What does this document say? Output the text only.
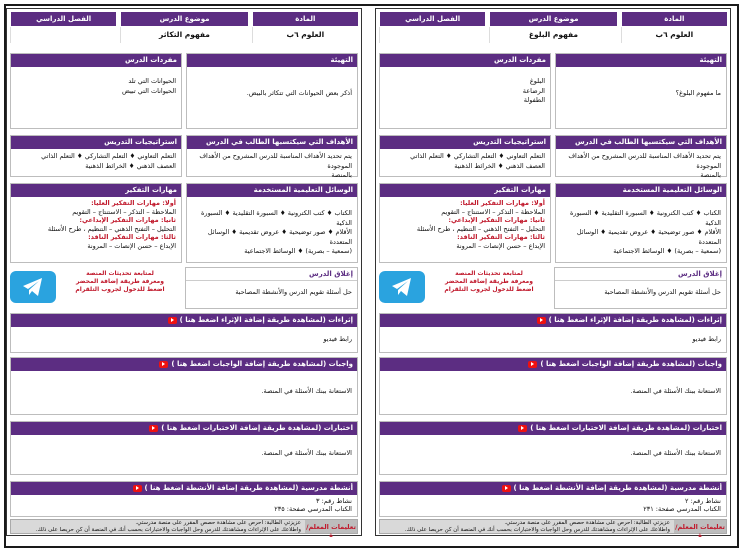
المادة
موضوع الدرس
الفصل الدراسي
العلوم ٦ب
مفهوم التكاثر
التهيئة
أذكر بعض الحيوانات التي تتكاثر بالبيض.
مفردات الدرس
الحيوانات التي تلد
الحيوانات التي تبيض
الأهداف التي سيكتسبها الطالب في الدرس
يتم تحديد الأهداف المناسبة للدرس المشروح من الأهداف الموجودة
بالمنصة
استراتيجيات التدريس
التعلم التعاوني ♦ التعلم التشاركي ♦ التعلم الذاتي
العصف الذهني ♦ الخرائط الذهنية
الوسائل التعليمية المستخدمة
الكتاب ♦ كتب الكترونية ♦ السبورة التقليدية ♦ السبورة الذكية
الأقلام ♦ صور توضيحية ♦ عروض تقديمية ♦ الوسائل المتعددة
(سمعية – بصرية) ♦ الوسائط الاجتماعية
مهارات التفكير
أولا: مهارات التفكير العليا:
الملاحظة – التذكر – الاستنتاج – التقويم
ثانيا: مهارات التفكير الإبداعي:
التحليل – التفتح الذهني – التنظيم ، طرح الأسئلة
ثالثا: مهارات التفكير الناقد:
الإبداع – حسن الإنصات – المرونة
إغلاق الدرس
حل أسئلة تقويم الدرس والأنشطة المصاحبة
لمتابعة تحديثات المنصة
ومعرفة طريقة إضافة المحضر
اضغط للدخول لجروب التلقرام
إثراءات (لمشاهدة طريقة إضافة الإثراء اضغط هنا )
رابط فيديو
واجبات (لمشاهدة طريقة إضافة الواجبات اضغط هنا )
الاستعانة ببنك الأسئلة في المنصة.
اختبارات (لمشاهدة طريقة إضافة الاختبارات اضغط هنا )
الاستعانة ببنك الأسئلة في المنصة.
أنشطة مدرسية (لمشاهدة طريقة إضافة الأنشطة اضغط هنا )
نشاط رقم: ٣
الكتاب المدرسي صفحة: ٢٣٥
تعليمات المعلم/ة
عزيزتي الطالبة: احرص على مشاهدة حصص المقرر على منصة مدرستي.
واطلاعك على الإثراءات ومشاهدتك للدرس وحل الواجبات والاختبارات بحسب أنك في المنصة أن كن حريصا على ذلك.
المادة
موضوع الدرس
الفصل الدراسي
العلوم ٦ب
مفهوم البلوغ
التهيئة
ما مفهوم البلوغ؟
مفردات الدرس
البلوغ
الرضاعة
الطفولة
الأهداف التي سيكتسبها الطالب في الدرس
يتم تحديد الأهداف المناسبة للدرس المشروح من الأهداف الموجودة
بالمنصة
استراتيجيات التدريس
التعلم التعاوني ♦ التعلم التشاركي ♦ التعلم الذاتي
العصف الذهني ♦ الخرائط الذهنية
الوسائل التعليمية المستخدمة
الكتاب ♦ كتب الكترونية ♦ السبورة التقليدية ♦ السبورة الذكية
الأقلام ♦ صور توضيحية ♦ عروض تقديمية ♦ الوسائل المتعددة
(سمعية – بصرية) ♦ الوسائط الاجتماعية
مهارات التفكير
أولا: مهارات التفكير العليا:
الملاحظة – التذكر – الاستنتاج – التقويم
ثانيا: مهارات التفكير الإبداعي:
التحليل – التفتح الذهني – التنظيم ، طرح الأسئلة
ثالثا: مهارات التفكير الناقد:
الإبداع – حسن الإنصات – المرونة
إغلاق الدرس
حل أسئلة تقويم الدرس والأنشطة المصاحبة
لمتابعة تحديثات المنصة
ومعرفة طريقة إضافة المحضر
اضغط للدخول لجروب التلقرام
إثراءات (لمشاهدة طريقة إضافة الإثراء اضغط هنا )
رابط فيديو
واجبات (لمشاهدة طريقة إضافة الواجبات اضغط هنا )
الاستعانة ببنك الأسئلة في المنصة.
اختبارات (لمشاهدة طريقة إضافة الاختبارات اضغط هنا )
الاستعانة ببنك الأسئلة في المنصة.
أنشطة مدرسية (لمشاهدة طريقة إضافة الأنشطة اضغط هنا )
نشاط رقم: ٢
الكتاب المدرسي صفحة: ٢٣١
تعليمات المعلم/ة
عزيزتي الطالبة: احرص على مشاهدة حصص المقرر على منصة مدرستي.
واطلاعك على الإثراءات ومشاهدتك للدرس وحل الواجبات والاختبارات بحسب أنك في المنصة أن كن حريصا على ذلك.
